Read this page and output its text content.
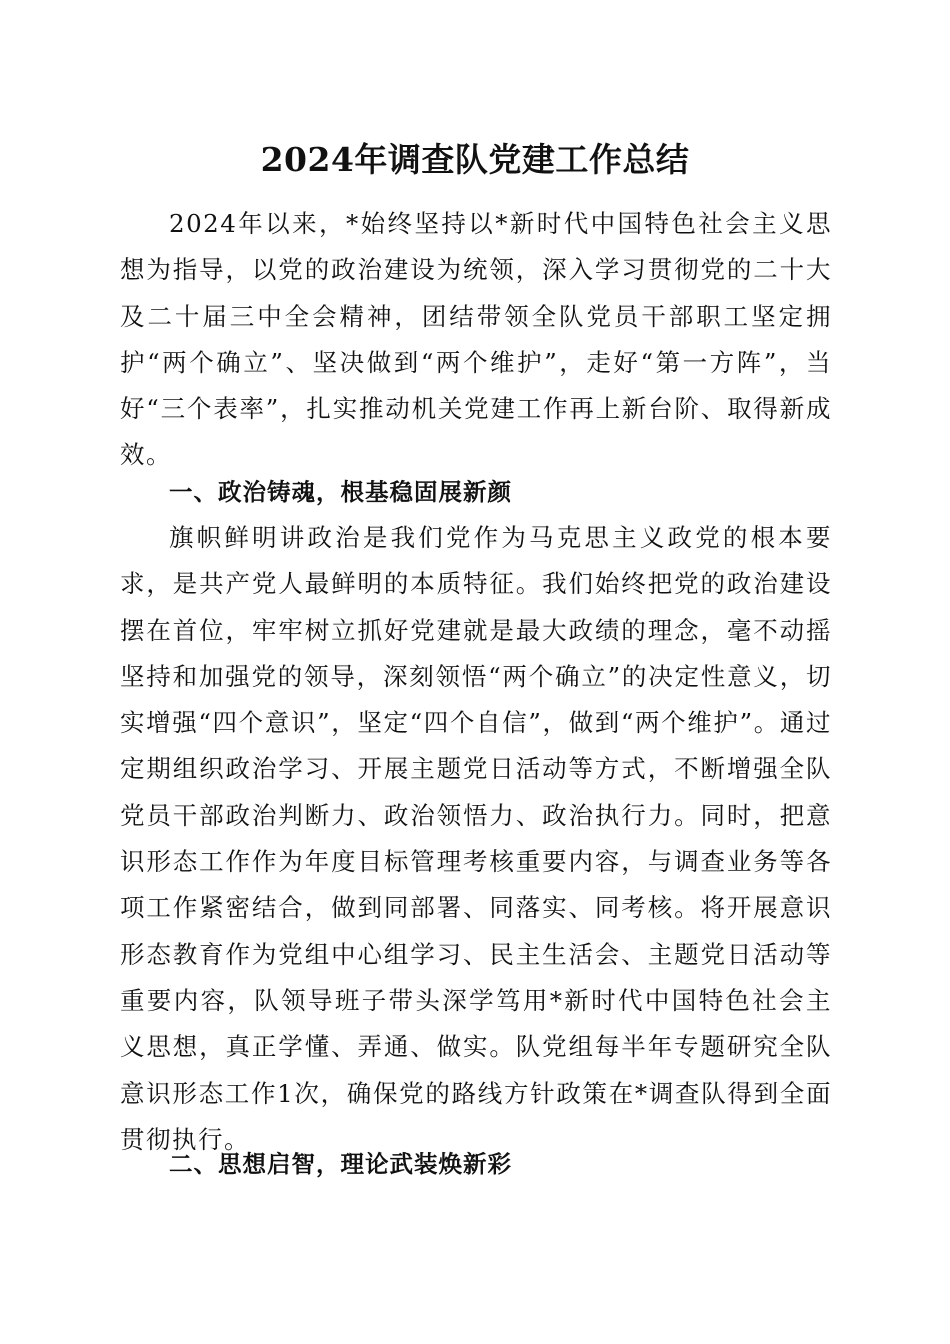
2024年调查队党建工作总结

2024年以来，*始终坚持以*新时代中国特色社会主义思想为指导，以党的政治建设为统领，深入学习贯彻党的二十大及二十届三中全会精神，团结带领全队党员干部职工坚定拥护“两个确立”、坚决做到“两个维护”，走好“第一方阵”，当好“三个表率”，扎实推动机关党建工作再上新台阶、取得新成效。

一、政治铸魂，根基稳固展新颜

旗帜鲜明讲政治是我们党作为马克思主义政党的根本要求，是共产党人最鲜明的本质特征。我们始终把党的政治建设摆在首位，牢牢树立抓好党建就是最大政绩的理念，毫不动摇坚持和加强党的领导，深刻领悟“两个确立”的决定性意义，切实增强“四个意识”，坚定“四个自信”，做到“两个维护”。通过定期组织政治学习、开展主题党日活动等方式，不断增强全队党员干部政治判断力、政治领悟力、政治执行力。同时，把意识形态工作作为年度目标管理考核重要内容，与调查业务等各项工作紧密结合，做到同部署、同落实、同考核。将开展意识形态教育作为党组中心组学习、民主生活会、主题党日活动等重要内容，队领导班子带头深学笃用*新时代中国特色社会主义思想，真正学懂、弄通、做实。队党组每半年专题研究全队意识形态工作1次，确保党的路线方针政策在*调查队得到全面贯彻执行。

二、思想启智，理论武装焕新彩
